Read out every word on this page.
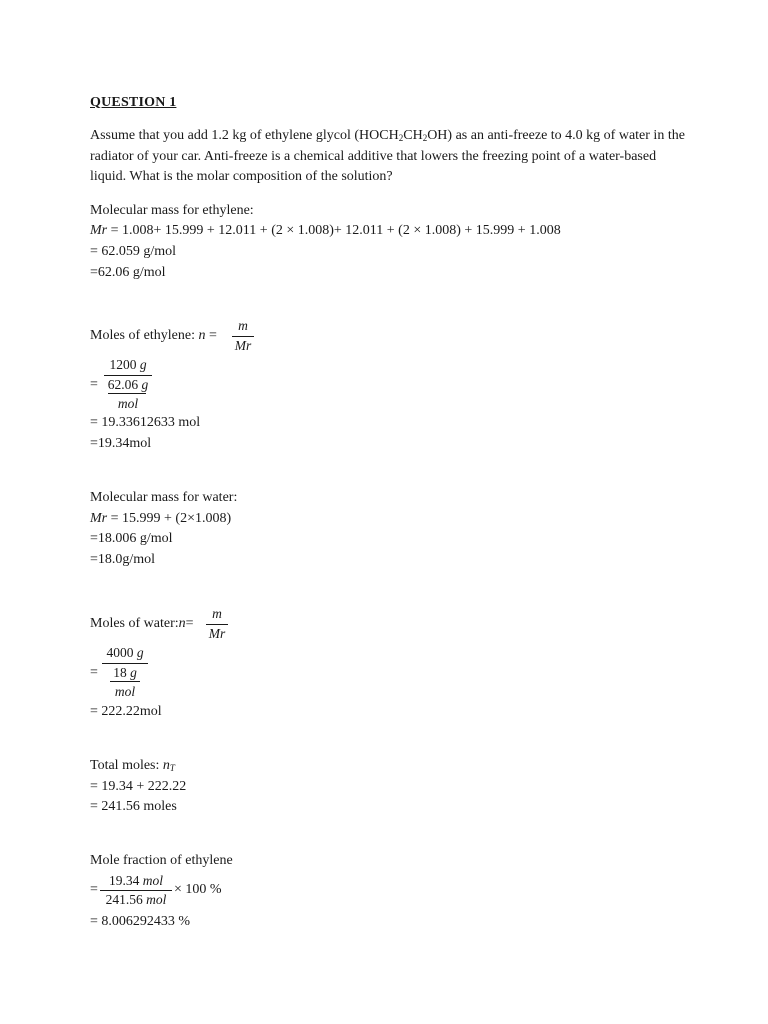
QUESTION 1
Assume that you add 1.2 kg of ethylene glycol $(HOCH_2CH_2OH)$ as an anti-freeze to 4.0 kg of water in the radiator of your car. Anti-freeze is a chemical additive that lowers the freezing point of a water-based liquid. What is the molar composition of the solution?
Molecular mass for ethylene:
Mr = 1.008+ 15.999 + 12.011 + (2 × 1.008)+ 12.011 + (2 × 1.008) + 15.999 + 1.008
= 62.059 g/mol
=62.06 g/mol
Moles of ethylene: n =
m
Mr
1200 g
= 62.06 g
mol
= 19.33612633 mol
=19.34mol
Molecular mass for water:
Mr = 15.999 + (2×1.008)
=18.006 g/mol
=18.0g/mol
Moles of water:n=
m
Mr
4000 g
=	18 g
mol
= 222.22mol
Total moles: $n_T$
= 19.34 + 222.22
= 241.56 moles
Mole fraction of ethylene
=
19.34 mol
241.56 mol
× 100 %
= 8.006292433 %
